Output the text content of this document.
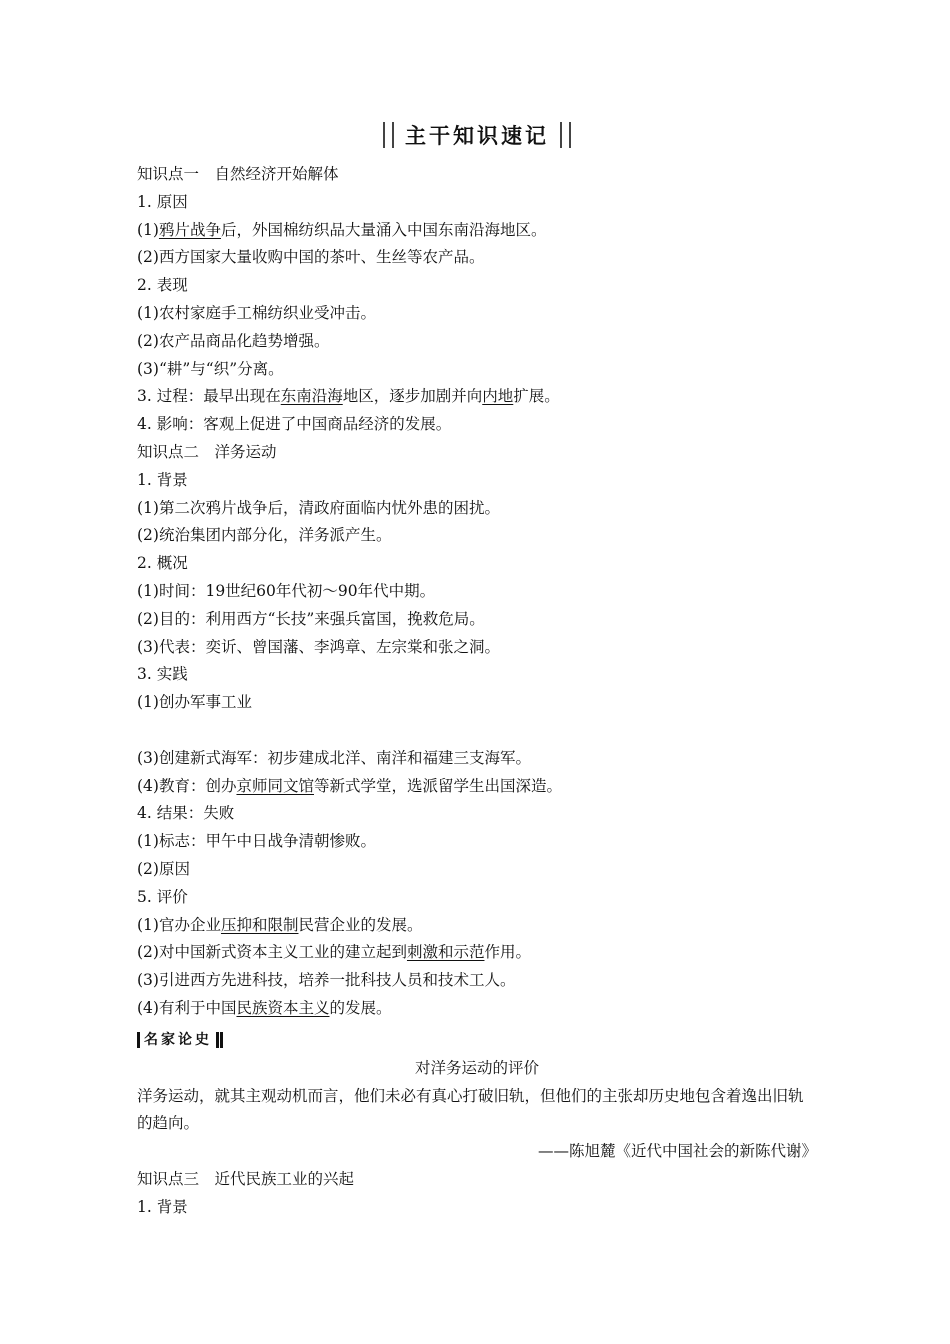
主干知识速记
知识点一　自然经济开始解体
1. 原因
(1)鸦片战争后，外国棉纺织品大量涌入中国东南沿海地区。
(2)西方国家大量收购中国的茶叶、生丝等农产品。
2. 表现
(1)农村家庭手工棉纺织业受冲击。
(2)农产品商品化趋势增强。
(3)“耕”与“织”分离。
3. 过程：最早出现在东南沿海地区，逐步加剧并向内地扩展。
4. 影响：客观上促进了中国商品经济的发展。
知识点二　洋务运动
1. 背景
(1)第二次鸦片战争后，清政府面临内忧外患的困扰。
(2)统治集团内部分化，洋务派产生。
2. 概况
(1)时间：19世纪60年代初～90年代中期。
(2)目的：利用西方“长技”来强兵富国，挽救危局。
(3)代表：奕䜣、曾国藩、李鸿章、左宗棠和张之洞。
3. 实践
(1)创办军事工业
(3)创建新式海军：初步建成北洋、南洋和福建三支海军。
(4)教育：创办京师同文馆等新式学堂，选派留学生出国深造。
4. 结果：失败
(1)标志：甲午中日战争清朝惨败。
(2)原因
5. 评价
(1)官办企业压抑和限制民营企业的发展。
(2)对中国新式资本主义工业的建立起到刺激和示范作用。
(3)引进西方先进科技，培养一批科技人员和技术工人。
(4)有利于中国民族资本主义的发展。
名家论史
对洋务运动的评价
洋务运动，就其主观动机而言，他们未必有真心打破旧轨，但他们的主张却历史地包含着逸出旧轨的趋向。
——陈旭麓《近代中国社会的新陈代谢》
知识点三　近代民族工业的兴起
1. 背景
